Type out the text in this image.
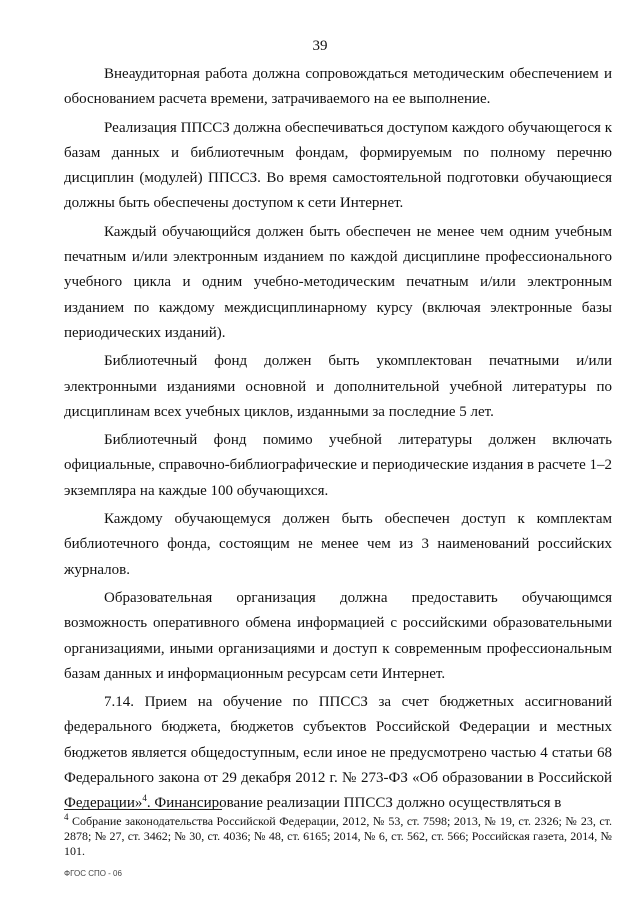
39

Внеаудиторная работа должна сопровождаться методическим обеспечением и обоснованием расчета времени, затрачиваемого на ее выполнение.

Реализация ППССЗ должна обеспечиваться доступом каждого обучающегося к базам данных и библиотечным фондам, формируемым по полному перечню дисциплин (модулей) ППССЗ. Во время самостоятельной подготовки обучающиеся должны быть обеспечены доступом к сети Интернет.

Каждый обучающийся должен быть обеспечен не менее чем одним учебным печатным и/или электронным изданием по каждой дисциплине профессионального учебного цикла и одним учебно-методическим печатным и/или электронным изданием по каждому междисциплинарному курсу (включая электронные базы периодических изданий).

Библиотечный фонд должен быть укомплектован печатными и/или электронными изданиями основной и дополнительной учебной литературы по дисциплинам всех учебных циклов, изданными за последние 5 лет.

Библиотечный фонд помимо учебной литературы должен включать официальные, справочно-библиографические и периодические издания в расчете 1–2 экземпляра на каждые 100 обучающихся.

Каждому обучающемуся должен быть обеспечен доступ к комплектам библиотечного фонда, состоящим не менее чем из 3 наименований российских журналов.

Образовательная организация должна предоставить обучающимся возможность оперативного обмена информацией с российскими образовательными организациями, иными организациями и доступ к современным профессиональным базам данных и информационным ресурсам сети Интернет.

7.14. Прием на обучение по ППССЗ за счет бюджетных ассигнований федерального бюджета, бюджетов субъектов Российской Федерации и местных бюджетов является общедоступным, если иное не предусмотрено частью 4 статьи 68 Федерального закона от 29 декабря 2012 г. № 273-ФЗ «Об образовании в Российской Федерации»$^4$. Финансирование реализации ППССЗ должно осуществляться в

$^4$ Собрание законодательства Российской Федерации, 2012, № 53, ст. 7598; 2013, № 19, ст. 2326; № 23, ст. 2878; № 27, ст. 3462; № 30, ст. 4036; № 48, ст. 6165; 2014, № 6, ст. 562, ст. 566; Российская газета, 2014, № 101.
ФГОС СПО - 06
